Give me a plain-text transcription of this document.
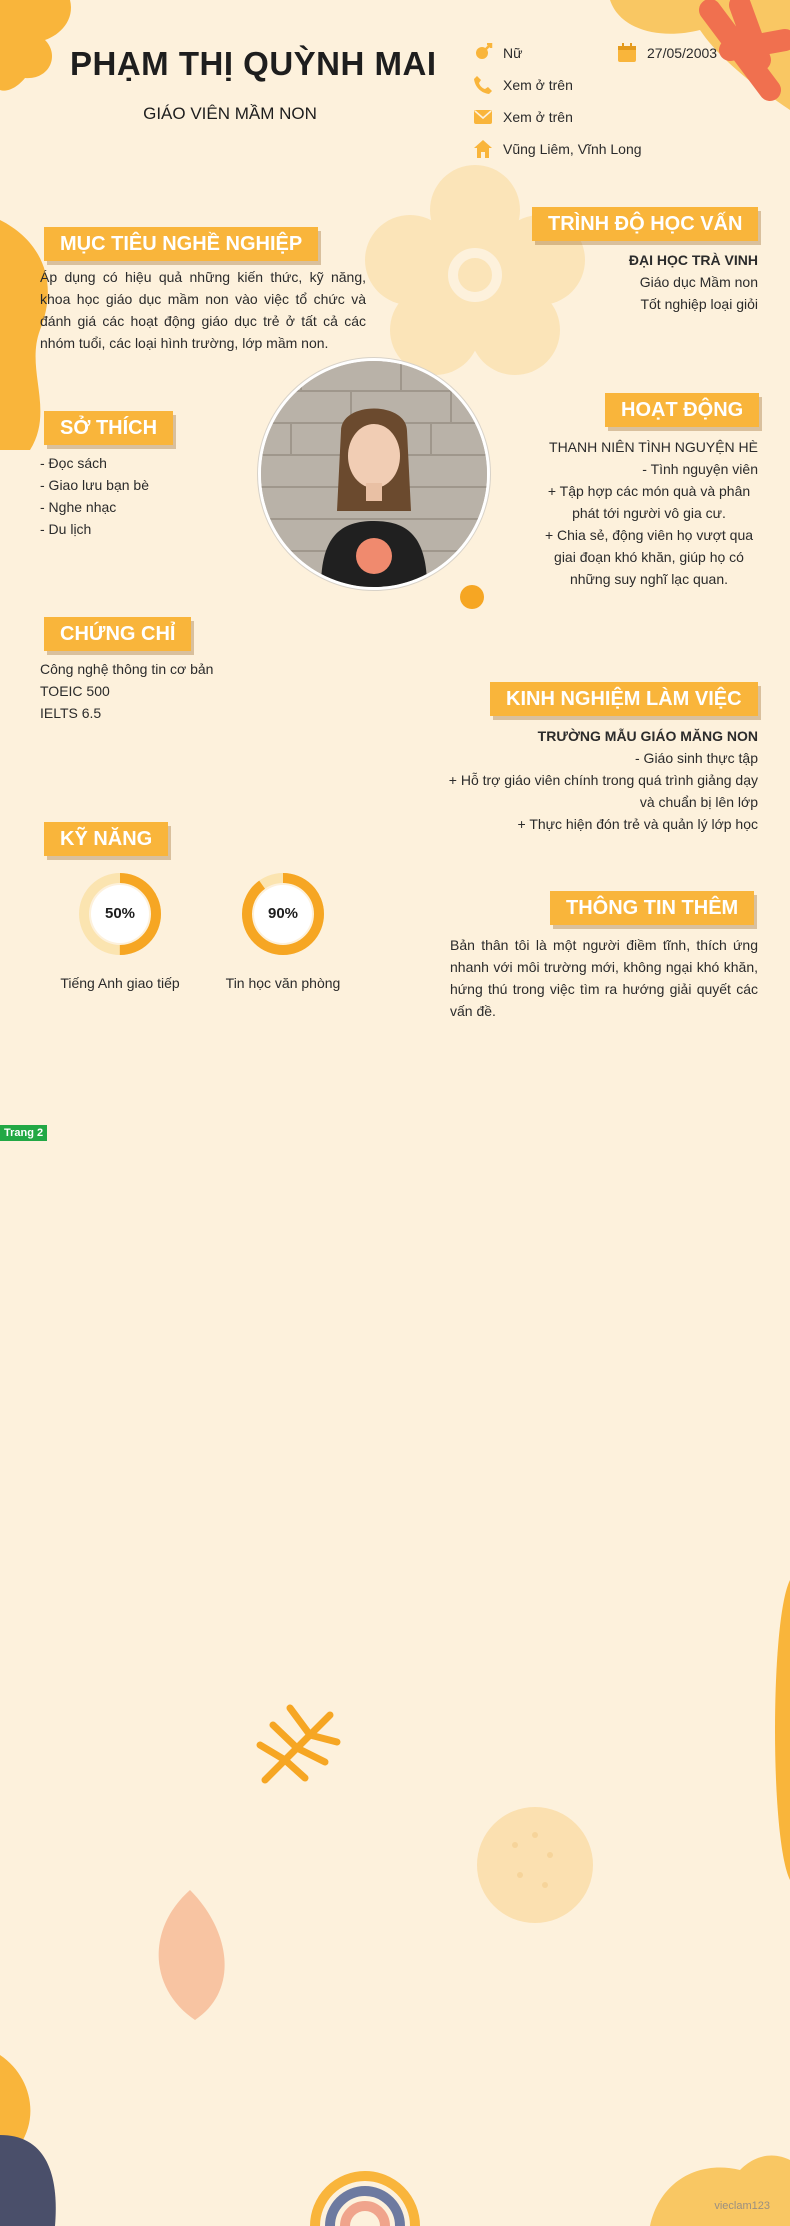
PHẠM THỊ QUỲNH MAI
GIÁO VIÊN MẦM NON
Nữ	27/05/2003
Xem ở trên
Xem ở trên
Vũng Liêm, Vĩnh Long
MỤC TIÊU NGHỀ NGHIỆP
Áp dụng có hiệu quả những kiến thức, kỹ năng, khoa học giáo dục mầm non vào việc tổ chức và đánh giá các hoạt động giáo dục trẻ ở tất cả các nhóm tuổi, các loại hình trường, lớp mầm non.
SỞ THÍCH
- Đọc sách
- Giao lưu bạn bè
- Nghe nhạc
- Du lịch
CHỨNG CHỈ
Công nghệ thông tin cơ bản
TOEIC 500
IELTS 6.5
KỸ NĂNG
50%
Tiếng Anh giao tiếp
90%
Tin học văn phòng
TRÌNH ĐỘ HỌC VẤN
ĐẠI HỌC TRÀ VINH
Giáo dục Mầm non
Tốt nghiệp loại giỏi
HOẠT ĐỘNG
THANH NIÊN TÌNH NGUYỆN HÈ
- Tình nguyện viên
+ Tập hợp các món quà và phân phát tới người vô gia cư.
+ Chia sẻ, động viên họ vượt qua giai đoạn khó khăn, giúp họ có những suy nghĩ lạc quan.
KINH NGHIỆM LÀM VIỆC
TRƯỜNG MẪU GIÁO MĂNG NON
- Giáo sinh thực tập
+ Hỗ trợ giáo viên chính trong quá trình giảng dạy và chuẩn bị lên lớp
+ Thực hiện đón trẻ và quản lý lớp học
THÔNG TIN THÊM
Bản thân tôi là một người điềm tĩnh, thích ứng nhanh với môi trường mới, không ngại khó khăn, hứng thú trong việc tìm ra hướng giải quyết các vấn đề.
Trang 2
vieclam123
